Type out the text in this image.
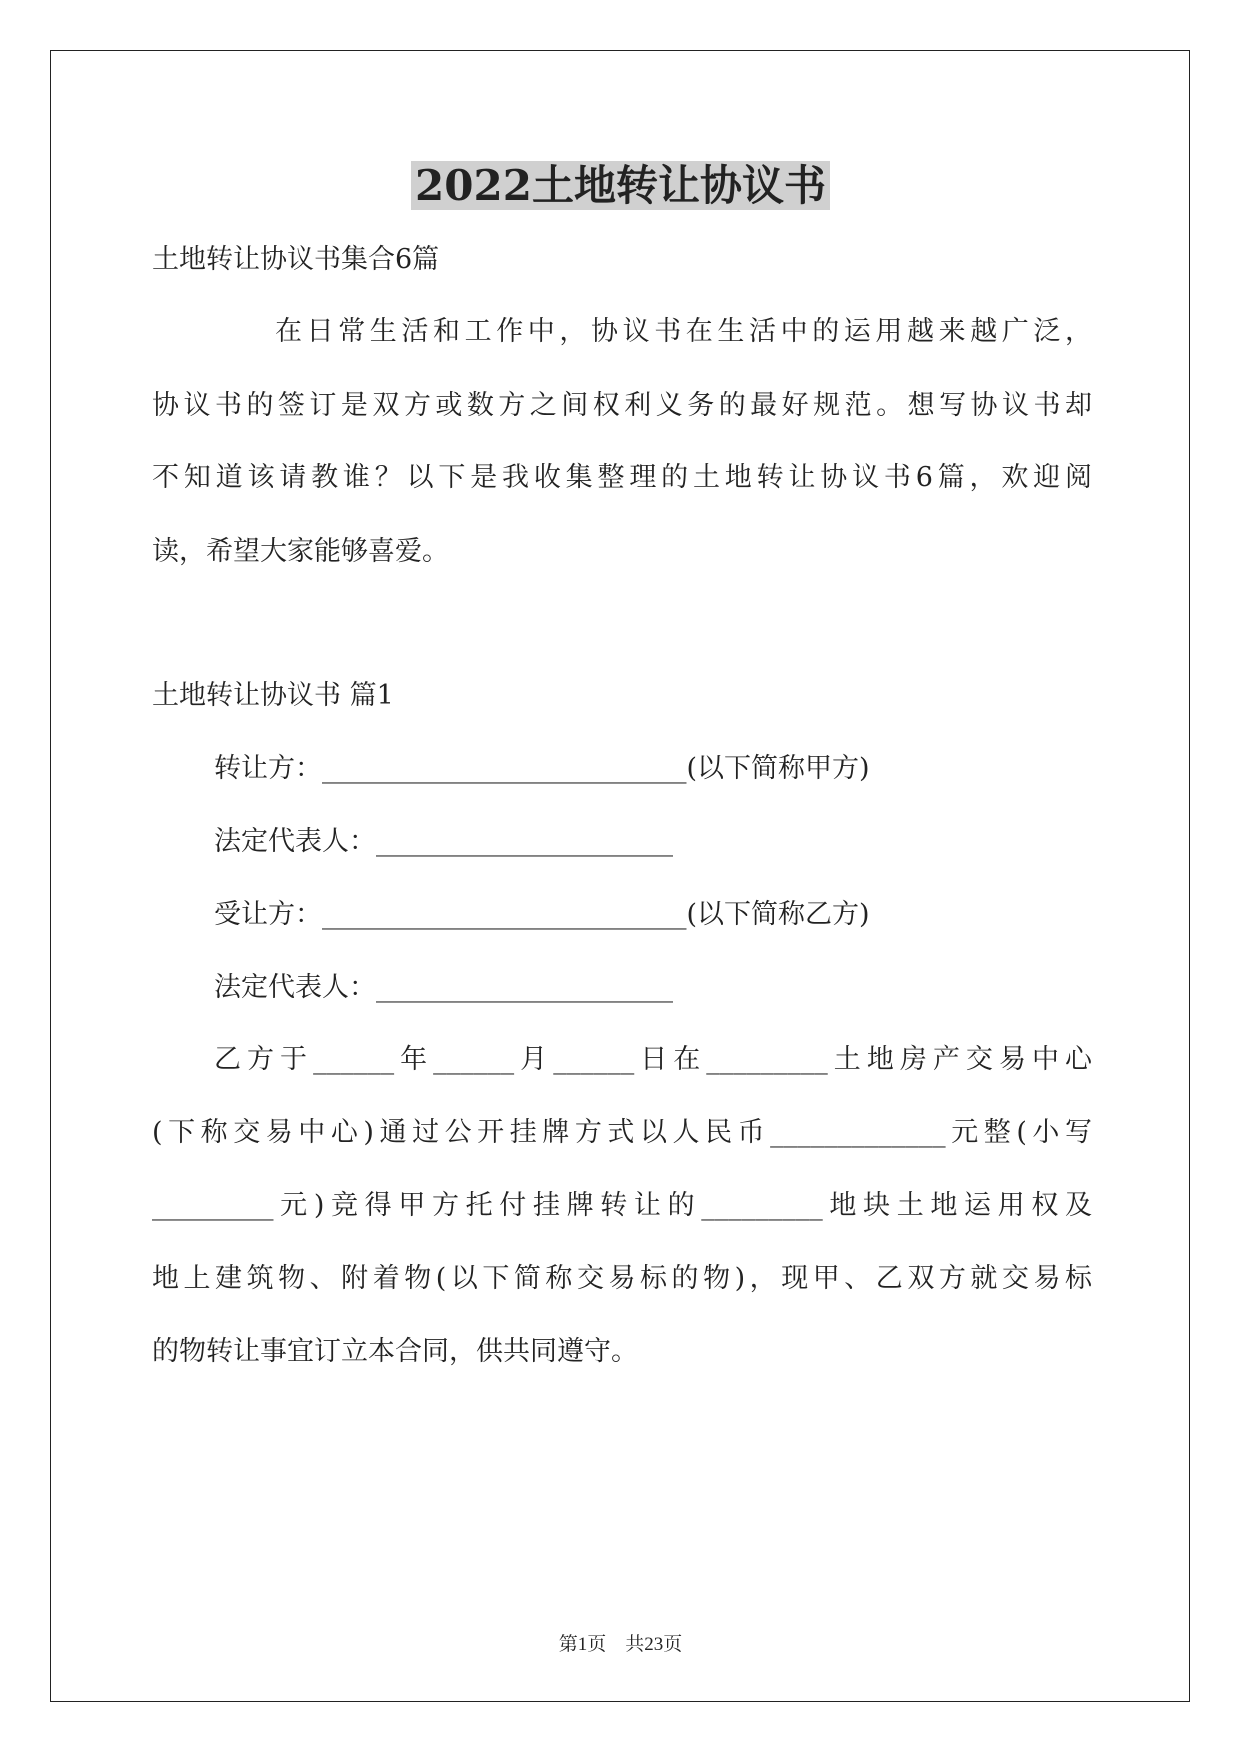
2022土地转让协议书
土地转让协议书集合6篇
在日常生活和工作中，协议书在生活中的运用越来越广泛，
协议书的签订是双方或数方之间权利义务的最好规范。想写协议书却
不知道该请教谁？以下是我收集整理的土地转让协议书6篇，欢迎阅
读，希望大家能够喜爱。
土地转让协议书 篇1
转让方：___________________________(以下简称甲方)
法定代表人：______________________
受让方：___________________________(以下简称乙方)
法定代表人：______________________
乙方于______年______月______日在_________土地房产交易中心
(下称交易中心)通过公开挂牌方式以人民币_____________元整(小写
_________元)竞得甲方托付挂牌转让的_________地块土地运用权及
地上建筑物、附着物(以下简称交易标的物)，现甲、乙双方就交易标
的物转让事宜订立本合同，供共同遵守。
第1页　共23页
